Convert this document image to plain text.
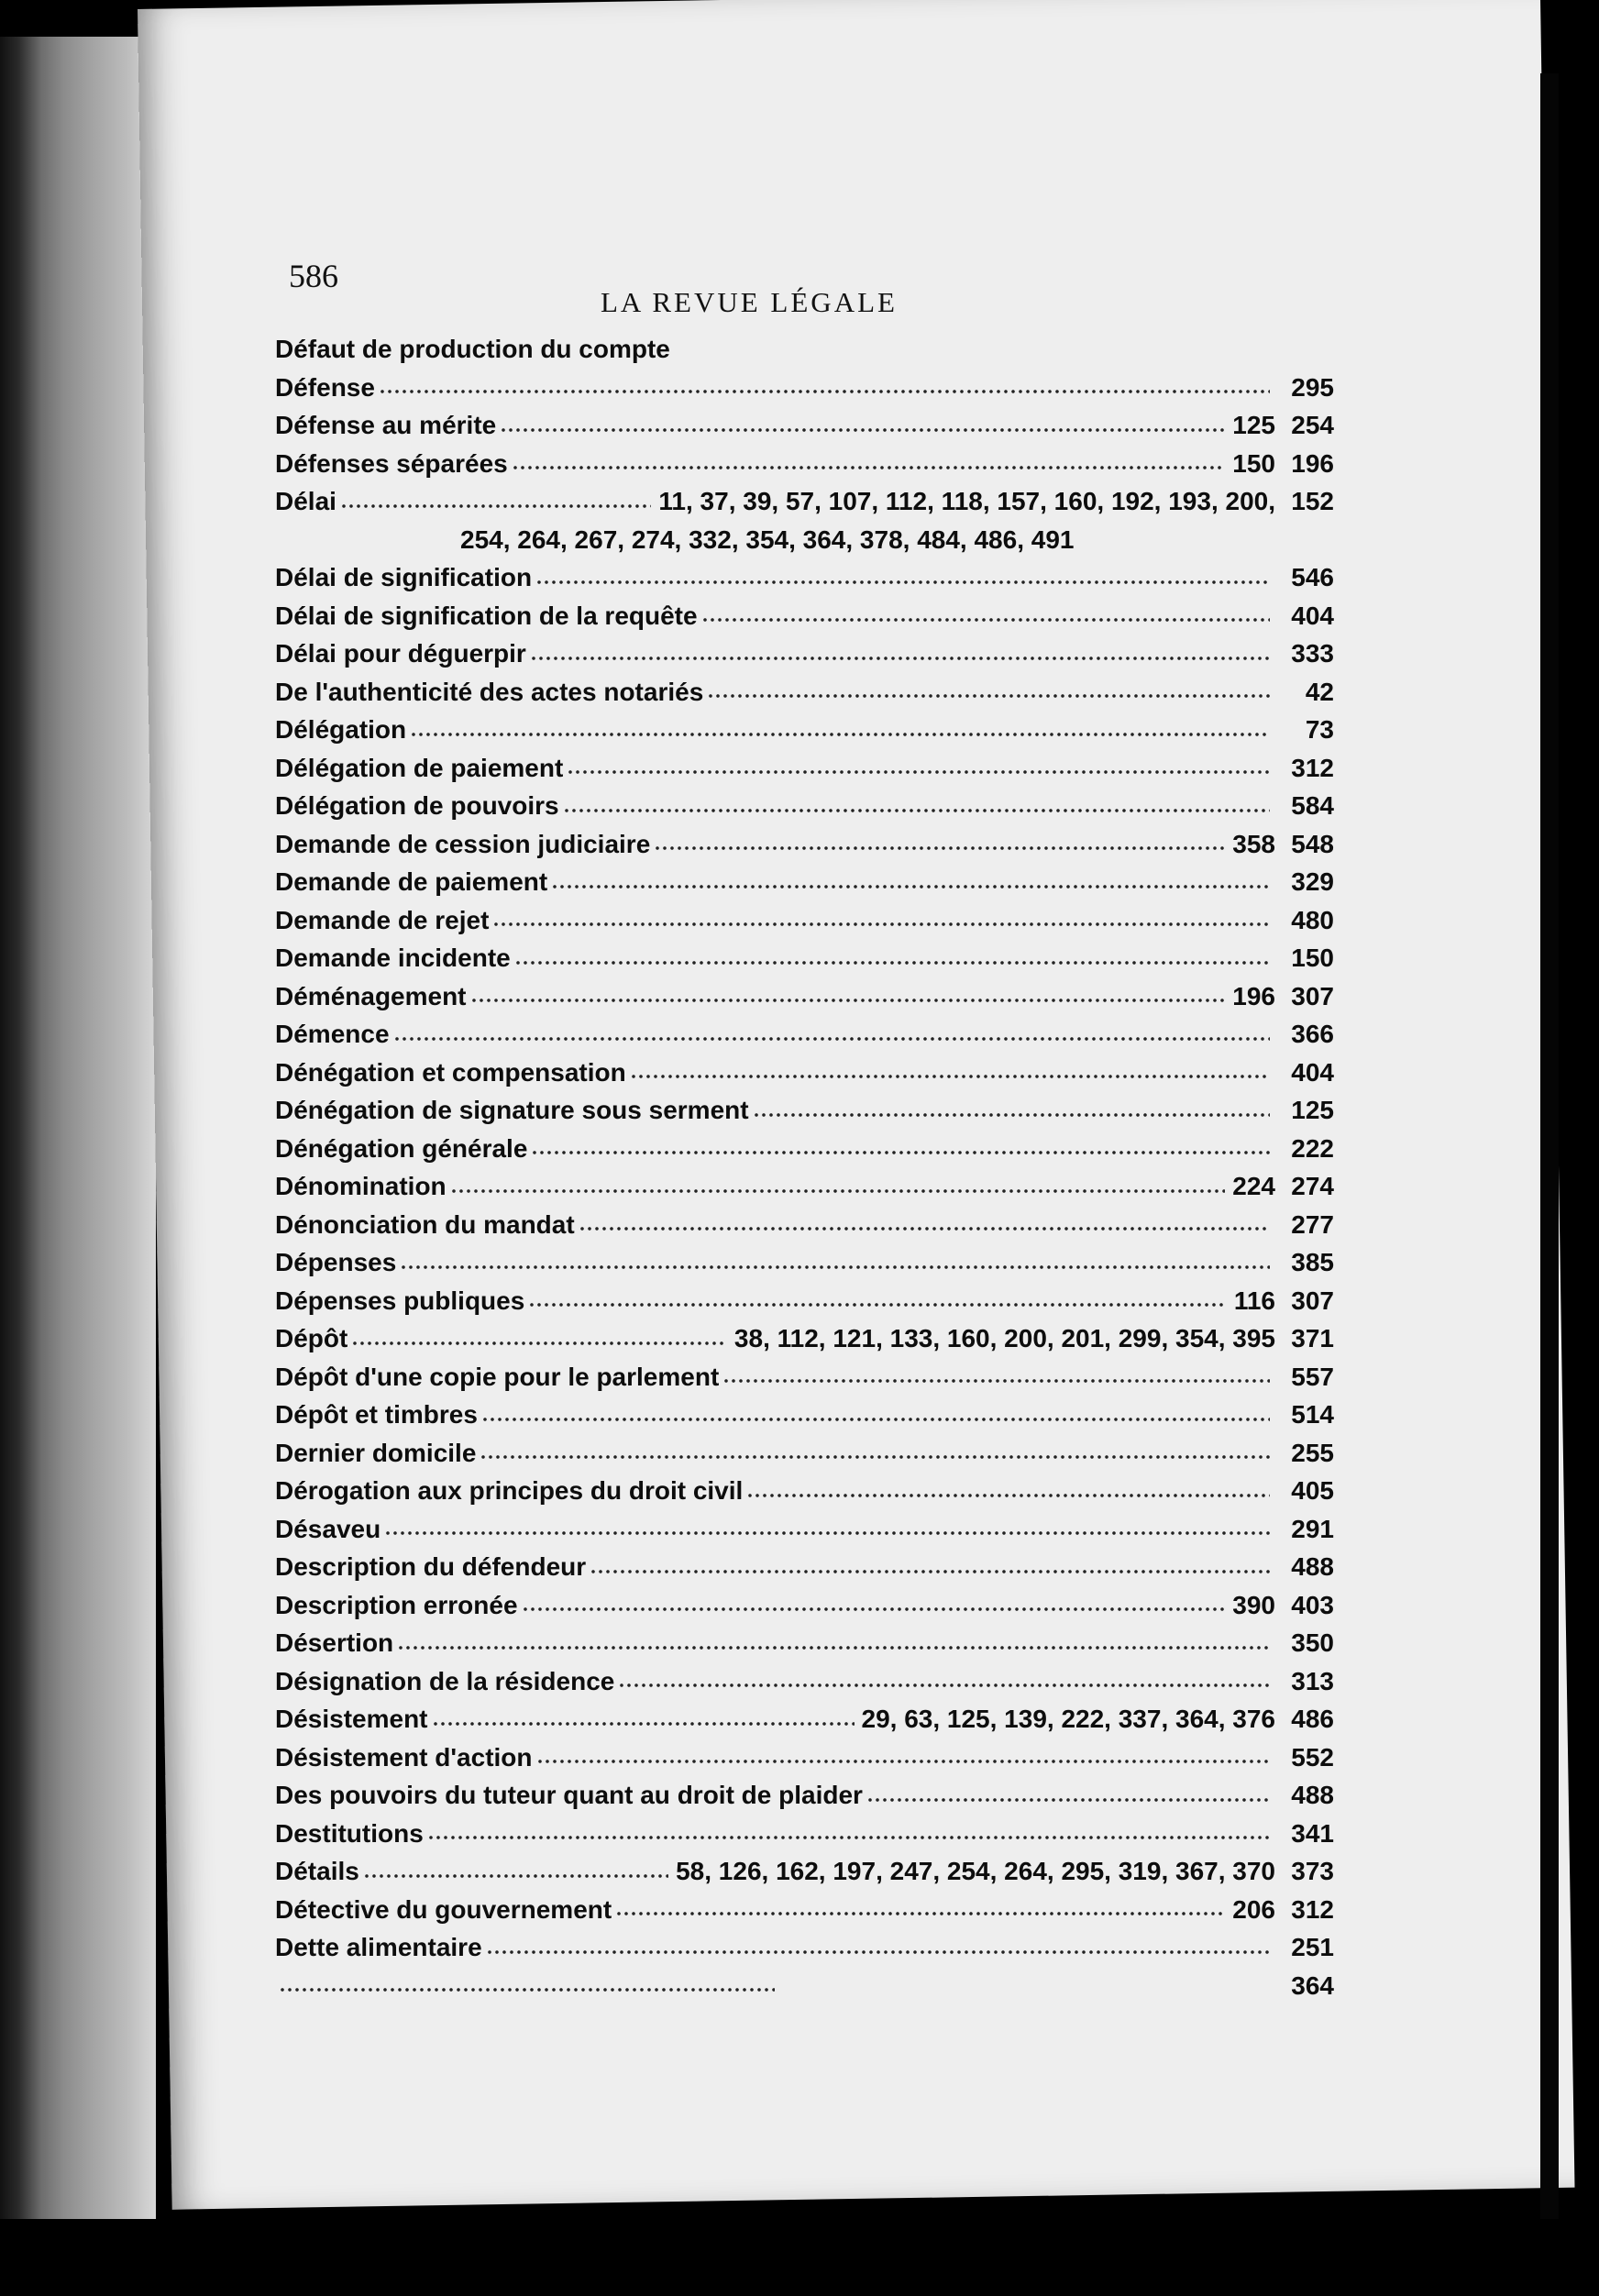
586
LA REVUE LÉGALE
Défaut de production du compte
Défense	295
Défense au mérite	125 254
Défenses séparées	150 196
Délai	11, 37, 39, 57, 107, 112, 118, 157, 160, 192, 193, 200, 152
254, 264, 267, 274, 332, 354, 364, 378, 484, 486, 491
Délai de signification	546
Délai de signification de la requête	404
Délai pour déguerpir	333
De l'authenticité des actes notariés	42
Délégation	73
Délégation de paiement	312
Délégation de pouvoirs	584
Demande de cession judiciaire	358 548
Demande de paiement	329
Demande de rejet	480
Demande incidente	150
Déménagement	196 307
Démence	366
Dénégation et compensation	404
Dénégation de signature sous serment	125
Dénégation générale	222
Dénomination	224 274
Dénonciation du mandat	277
Dépenses	385
Dépenses publiques	116 307
Dépôt	38, 112, 121, 133, 160, 200, 201, 299, 354, 395 371
Dépôt d'une copie pour le parlement	557
Dépôt et timbres	514
Dernier domicile	255
Dérogation aux principes du droit civil	405
Désaveu	291
Description du défendeur	488
Description erronée	390 403
Désertion	350
Désignation de la résidence	313
Désistement	29, 63, 125, 139, 222, 337, 364, 376 486
Désistement d'action	552
Des pouvoirs du tuteur quant au droit de plaider	488
Destitutions	341
Détails	58, 126, 162, 197, 247, 254, 264, 295, 319, 367, 370 373
Détective du gouvernement	206 312
Dette alimentaire	251
364
